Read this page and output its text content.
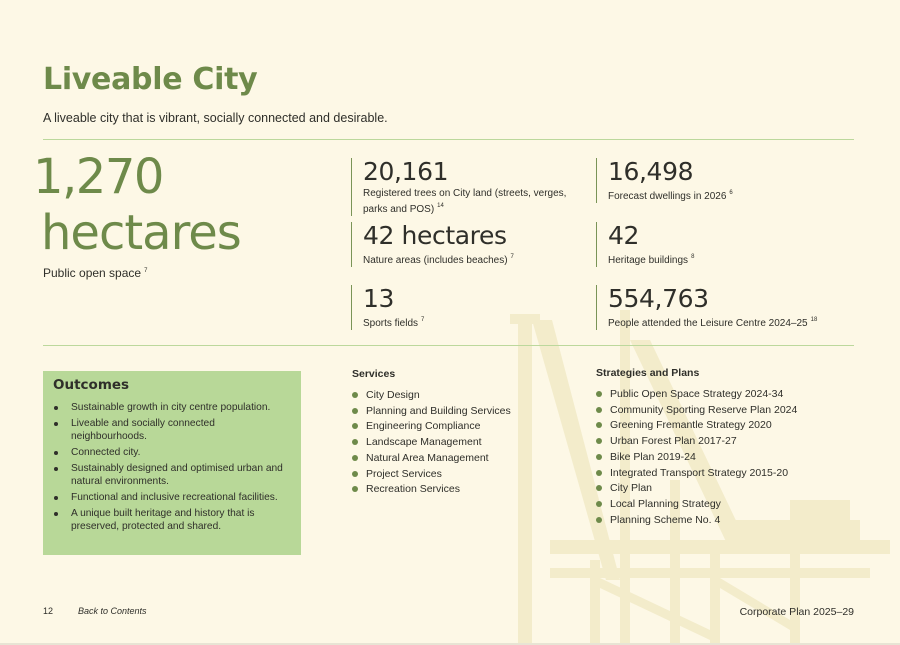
Liveable City
A liveable city that is vibrant, socially connected and desirable.
1,270
hectares
Public open space $^7$
20,161
Registered trees on City land (streets, verges,
parks and POS) $^{14}$
16,498
Forecast dwellings in 2026 $^6$
42 hectares
Nature areas (includes beaches) $^7$
42
Heritage buildings $^8$
13
Sports fields $^7$
554,763
People attended the Leisure Centre 2024–25 $^{18}$
Outcomes
Sustainable growth in city centre population.
Liveable and socially connected neighbourhoods.
Connected city.
Sustainably designed and optimised urban and natural environments.
Functional and inclusive recreational facilities.
A unique built heritage and history that is preserved, protected and shared.
Services
City Design
Planning and Building Services
Engineering Compliance
Landscape Management
Natural Area Management
Project Services
Recreation Services
Strategies and Plans
Public Open Space Strategy 2024-34
Community Sporting Reserve Plan 2024
Greening Fremantle Strategy 2020
Urban Forest Plan 2017-27
Bike Plan 2019-24
Integrated Transport Strategy 2015-20
City Plan
Local Planning Strategy
Planning Scheme No. 4
12	Back to Contents	Corporate Plan 2025–29
